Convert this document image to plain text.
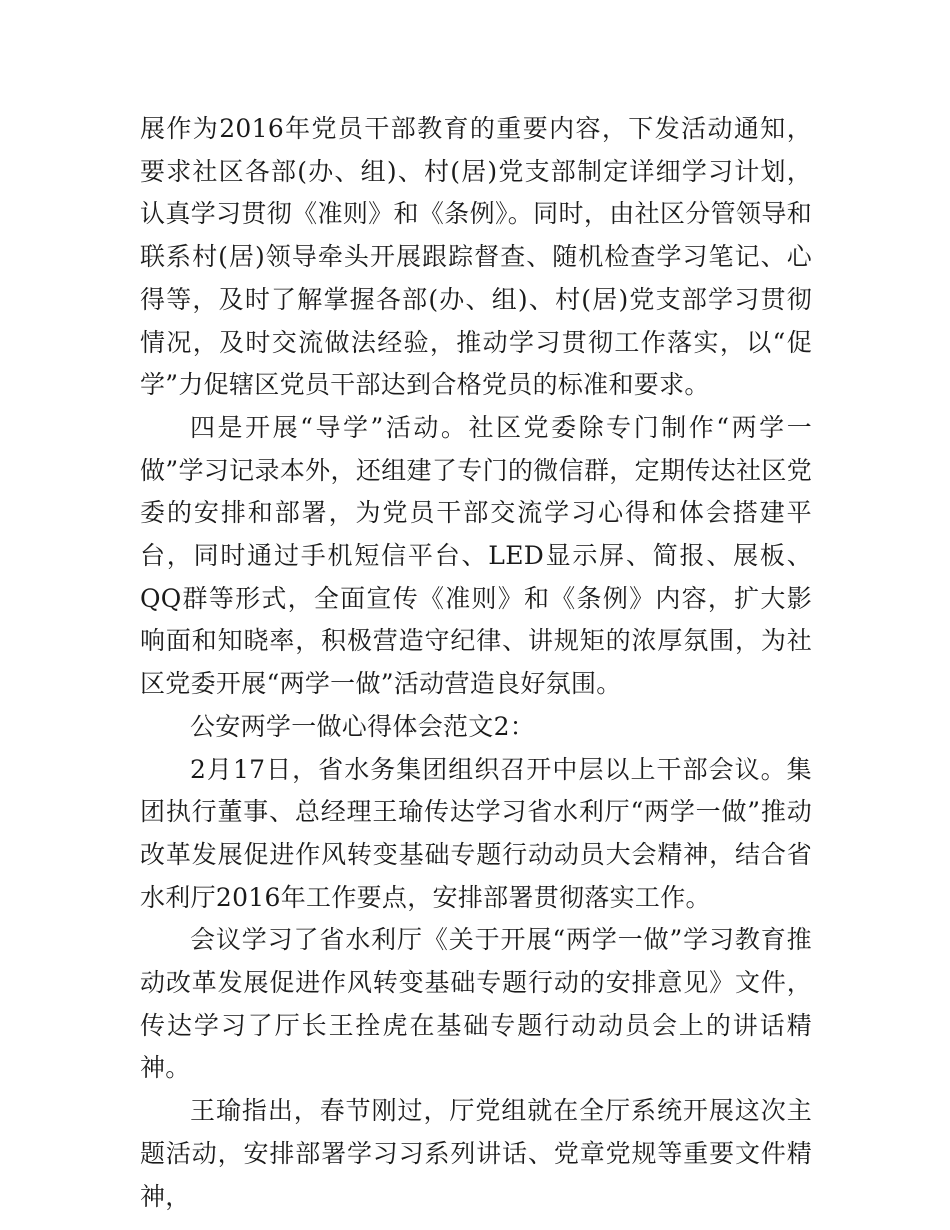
展作为2016年党员干部教育的重要内容，下发活动通知，要求社区各部(办、组)、村(居)党支部制定详细学习计划，认真学习贯彻《准则》和《条例》。同时，由社区分管领导和联系村(居)领导牵头开展跟踪督查、随机检查学习笔记、心得等，及时了解掌握各部(办、组)、村(居)党支部学习贯彻情况，及时交流做法经验，推动学习贯彻工作落实，以“促学”力促辖区党员干部达到合格党员的标准和要求。

四是开展“导学”活动。社区党委除专门制作“两学一做”学习记录本外，还组建了专门的微信群，定期传达社区党委的安排和部署，为党员干部交流学习心得和体会搭建平台，同时通过手机短信平台、LED显示屏、简报、展板、QQ群等形式，全面宣传《准则》和《条例》内容，扩大影响面和知晓率，积极营造守纪律、讲规矩的浓厚氛围，为社区党委开展“两学一做”活动营造良好氛围。

公安两学一做心得体会范文2：

2月17日，省水务集团组织召开中层以上干部会议。集团执行董事、总经理王瑜传达学习省水利厅“两学一做”推动改革发展促进作风转变基础专题行动动员大会精神，结合省水利厅2016年工作要点，安排部署贯彻落实工作。

会议学习了省水利厅《关于开展“两学一做”学习教育推动改革发展促进作风转变基础专题行动的安排意见》文件，传达学习了厅长王拴虎在基础专题行动动员会上的讲话精神。

王瑜指出，春节刚过，厅党组就在全厅系统开展这次主题活动，安排部署学习习系列讲话、党章党规等重要文件精神，
